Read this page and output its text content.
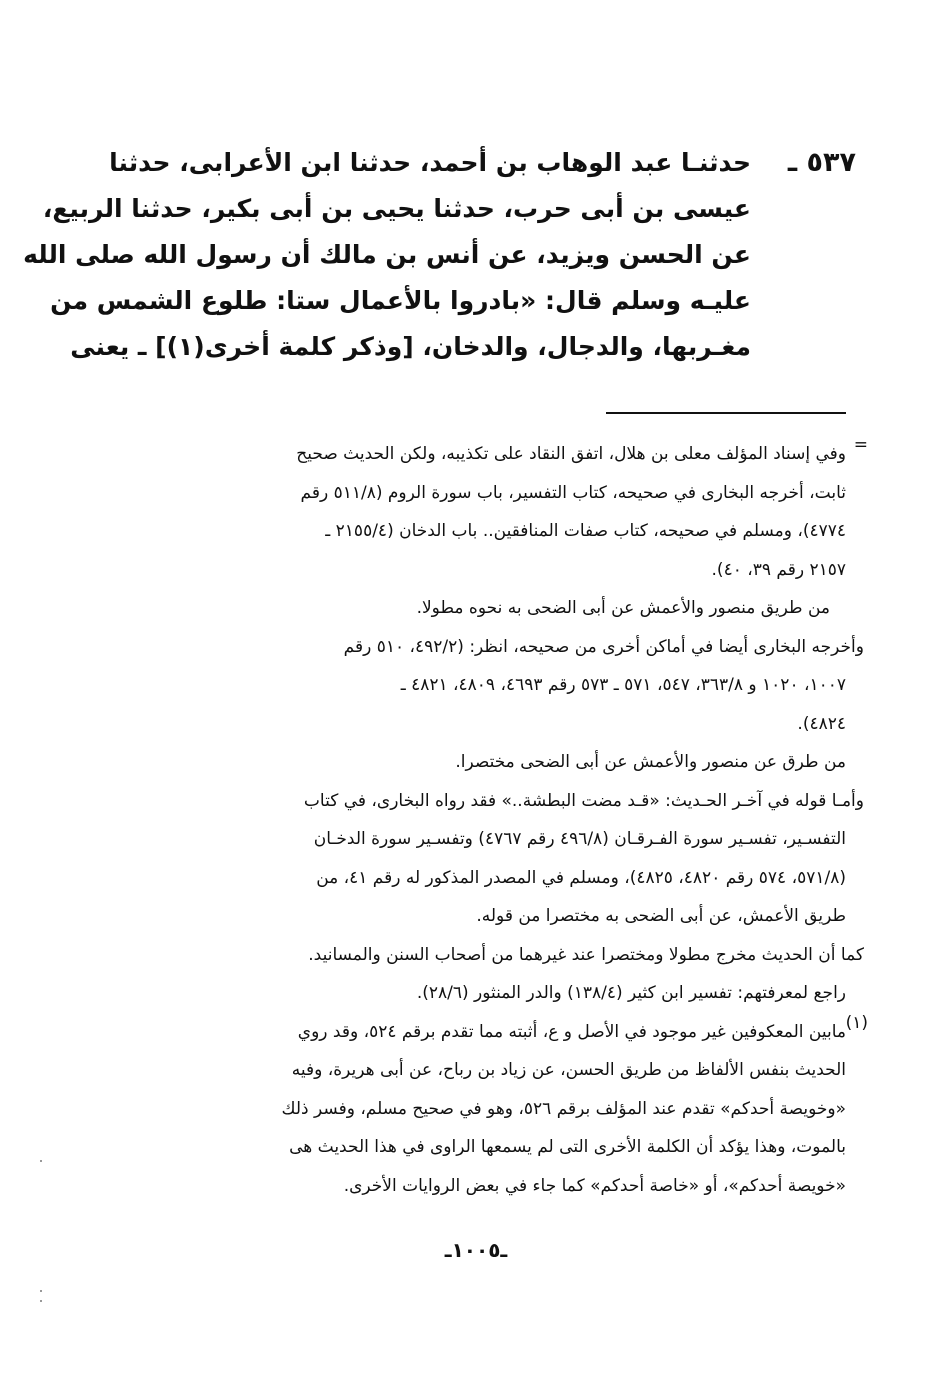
٥٣٧ ـ
حدثنـا عبد الوهاب بن أحمد، حدثنا ابن الأعرابى، حدثنا
عيسى بن أبى حرب، حدثنا يحيى بن أبى بكير، حدثنا الربيع،
عن الحسن ويزيد، عن أنس بن مالك أن رسول الله صلى الله
عليـه وسلم قال: «بادروا بالأعمال ستا: طلوع الشمس من
مغـربها، والدجال، والدخان، [وذكر كلمة أخرى(١)] ـ يعنى
=
وفي إسناد المؤلف معلى بن هلال، اتفق النقاد على تكذيبه، ولكن الحديث صحيح
ثابت، أخرجه البخارى في صحيحه، كتاب التفسير، باب سورة الروم (٥١١/٨ رقم
٤٧٧٤)، ومسلم في صحيحه، كتاب صفات المنافقين.. باب الدخان (٢١٥٥/٤ ـ
٢١٥٧ رقم ٣٩، ٤٠).
من طريق منصور والأعمش عن أبى الضحى به نحوه مطولا.
وأخرجه البخارى أيضا في أماكن أخرى من صحيحه، انظر: (٤٩٢/٢، ٥١٠ رقم
١٠٠٧، ١٠٢٠ و ٣٦٣/٨، ٥٤٧، ٥٧١ ـ ٥٧٣ رقم ٤٦٩٣، ٤٨٠٩، ٤٨٢١ ـ
٤٨٢٤).
من طرق عن منصور والأعمش عن أبى الضحى مختصرا.
وأمـا قوله في آخـر الحـديث: «قـد مضت البطشة..» فقد رواه البخارى، في كتاب
التفسـير، تفسـير سورة الفـرقـان (٤٩٦/٨ رقم ٤٧٦٧) وتفسـير سورة الدخـان
(٥٧١/٨، ٥٧٤ رقم ٤٨٢٠، ٤٨٢٥)، ومسلم في المصدر المذكور له رقم ٤١، من
طريق الأعمش، عن أبى الضحى به مختصرا من قوله.
كما أن الحديث مخرج مطولا ومختصرا عند غيرهما من أصحاب السنن والمسانيد.
راجع لمعرفتهم: تفسير ابن كثير (١٣٨/٤) والدر المنثور (٢٨/٦).
(١)
مابين المعكوفين غير موجود في الأصل و ع، أثبته مما تقدم برقم ٥٢٤، وقد روي
الحديث بنفس الألفاظ من طريق الحسن، عن زياد بن رباح، عن أبى هريرة، وفيه
«وخويصة أحدكم» تقدم عند المؤلف برقم ٥٢٦، وهو في صحيح مسلم، وفسر ذلك
بالموت، وهذا يؤكد أن الكلمة الأخرى التى لم يسمعها الراوى في هذا الحديث هى
«خويصة أحدكم»، أو «خاصة أحدكم» كما جاء في بعض الروايات الأخرى.
ـ١٠٠٥ـ
